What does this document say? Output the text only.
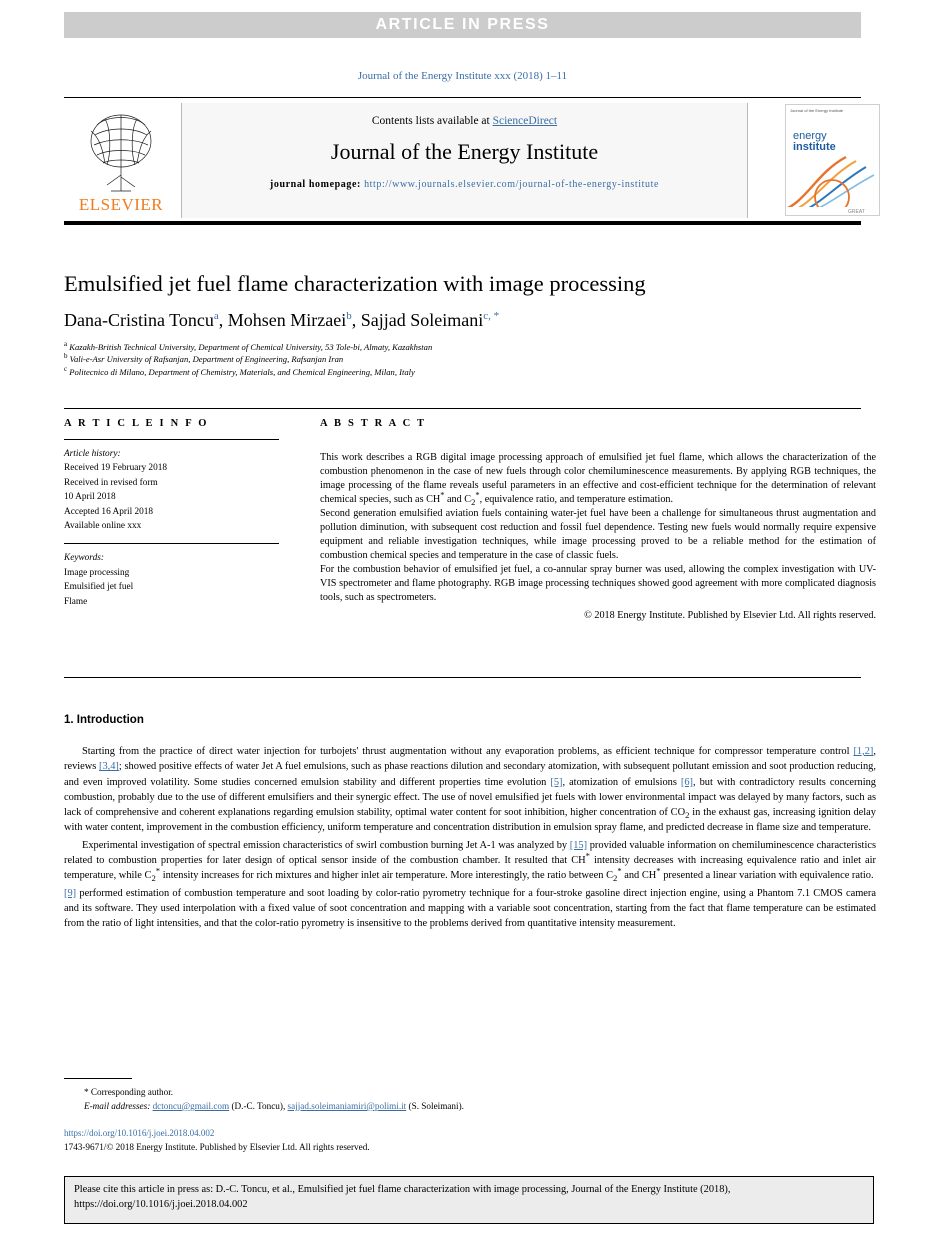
ARTICLE IN PRESS
Journal of the Energy Institute xxx (2018) 1–11
ELSEVIER
Contents lists available at ScienceDirect
Journal of the Energy Institute
journal homepage: http://www.journals.elsevier.com/journal-of-the-energy-institute
Journal of the Energy Institute
energy
institute
GREAT
Emulsified jet fuel flame characterization with image processing
Dana-Cristina Toncu$^a$, Mohsen Mirzaei$^b$, Sajjad Soleimani$^{c, *}$
$^a$ Kazakh-British Technical University, Department of Chemical University, 53 Tole-bi, Almaty, Kazakhstan
$^b$ Vali-e-Asr University of Rafsanjan, Department of Engineering, Rafsanjan Iran
$^c$ Politecnico di Milano, Department of Chemistry, Materials, and Chemical Engineering, Milan, Italy
A R T I C L E I N F O
Article history:
Received 19 February 2018
Received in revised form
10 April 2018
Accepted 16 April 2018
Available online xxx
Keywords:
Image processing
Emulsified jet fuel
Flame
A B S T R A C T

This work describes a RGB digital image processing approach of emulsified jet fuel flame, which allows the characterization of the combustion phenomenon in the case of new fuels through color chemiluminescence measurements. By applying RGB techniques, the image processing of the flame reveals useful parameters in an effective and cost-efficient technique for the determination of relevant chemical species, such as CH* and $C_2^*$, equivalence ratio, and temperature estimation.

Second generation emulsified aviation fuels containing water-jet fuel have been a challenge for simultaneous thrust augmentation and pollution diminution, with subsequent cost reduction and fossil fuel dependence. Testing new fuels would normally require expensive equipment and reliable investigation techniques, while image processing proved to be a reliable method for the estimation of combustion chemical species and temperature in the case of classic fuels.

For the combustion behavior of emulsified jet fuel, a co-annular spray burner was used, allowing the complex investigation with UV-VIS spectrometer and flame photography. RGB image processing techniques showed good agreement with more complicated diagnosis tools, such as spectrometers.

© 2018 Energy Institute. Published by Elsevier Ltd. All rights reserved.
1. Introduction

Starting from the practice of direct water injection for turbojets' thrust augmentation without any evaporation problems, as efficient technique for compressor temperature control [1,2], reviews [3,4]; showed positive effects of water Jet A fuel emulsions, such as phase reactions dilution and secondary atomization, with subsequent pollutant emission and soot production reducing, and even improved volatility. Some studies concerned emulsion stability and different properties time evolution [5], atomization of emulsions [6], but with contradictory results concerning combustion, probably due to the use of different emulsifiers and their synergic effect. The use of novel emulsified jet fuels with lower environmental impact was delayed by many factors, such as lack of comprehensive and coherent explanations regarding emulsion stability, optimal water content for soot inhibition, higher concentration of $CO_2$ in the exhaust gas, increasing ignition delay with water content, improvement in the combustion efficiency, uniform temperature and concentration distribution in emulsion spray flame, and predicted decrease in flame size and temperature.

Experimental investigation of spectral emission characteristics of swirl combustion burning Jet A-1 was analyzed by [15] provided valuable information on chemiluminescence characteristics related to combustion properties for later design of optical sensor inside of the combustion chamber. It resulted that CH* intensity decreases with increasing equivalence ratio and inlet air temperature, while $C_2^*$ intensity increases for rich mixtures and higher inlet air temperature. More interestingly, the ratio between $C_2^*$ and CH* presented a linear variation with equivalence ratio.

[9] performed estimation of combustion temperature and soot loading by color-ratio pyrometry technique for a four-stroke gasoline direct injection engine, using a Phantom 7.1 CMOS camera and its software. They used interpolation with a fixed value of soot concentration and mapping with a variable soot concentration, starting from the fact that flame temperature can be estimated from the ratio of light intensities, and that the color-ratio pyrometry is insensitive to the problems derived from quantitative intensity measurement.

* Corresponding author.
E-mail addresses: dctoncu@gmail.com (D.-C. Toncu), sajjad.soleimaniamiri@polimi.it (S. Soleimani).
https://doi.org/10.1016/j.joei.2018.04.002
1743-9671/© 2018 Energy Institute. Published by Elsevier Ltd. All rights reserved.
Please cite this article in press as: D.-C. Toncu, et al., Emulsified jet fuel flame characterization with image processing, Journal of the Energy Institute (2018), https://doi.org/10.1016/j.joei.2018.04.002
